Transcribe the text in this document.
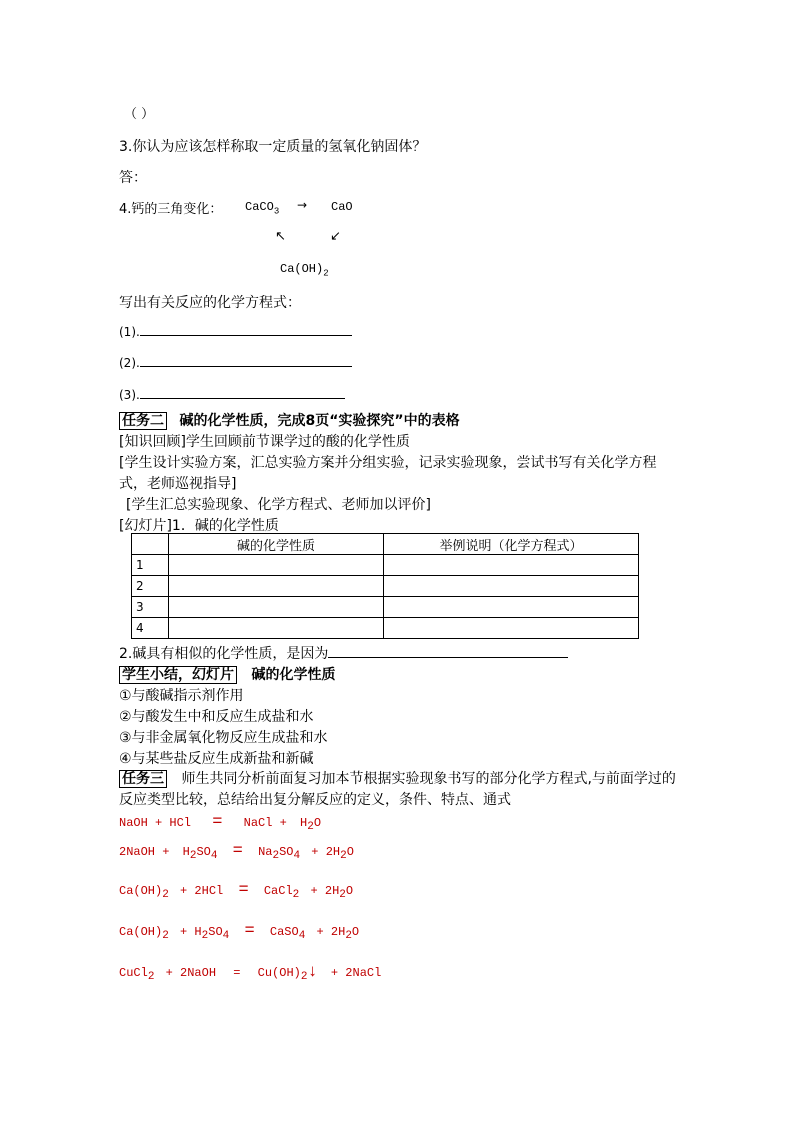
（ ）
3.你认为应该怎样称取一定质量的氢氧化钠固体？
答：
4.钙的三角变化： CaCO$_3$ → CaO
↖	↙
$Ca(OH)_2$
写出有关反应的化学方程式：
(1).
(2).
(3).
任务二 碱的化学性质，完成8页“实验探究”中的表格
[知识回顾]学生回顾前节课学过的酸的化学性质
[学生设计实验方案，汇总实验方案并分组实验，记录实验现象，尝试书写有关化学方程
式，老师巡视指导]
[学生汇总实验现象、化学方程式、老师加以评价]
[幻灯片]1．碱的化学性质
	碱的化学性质	举例说明（化学方程式）
1		
2		
3		
4		
2.碱具有相似的化学性质，是因为
学生小结，幻灯片 碱的化学性质
①与酸碱指示剂作用
②与酸发生中和反应生成盐和水
③与非金属氧化物反应生成盐和水
④与某些盐反应生成新盐和新碱
任务三 师生共同分析前面复习加本节根据实验现象书写的部分化学方程式,与前面学过的
反应类型比较，总结给出复分解反应的定义，条件、特点、通式
NaOH + HCl = NaCl + $H_2O$
2NaOH + $H_2SO_4 = Na_2SO_4 + 2H_2O$
$Ca(OH)_2 + 2HCl$ = CaCl$_2$ + $2H_2O$
$Ca(OH)_2 + H_2SO_4$ = CaSO$_4$ + $2H_2O$
CuCl$_2$ + 2NaOH = $Cu(OH)_2↓$ + 2NaCl
